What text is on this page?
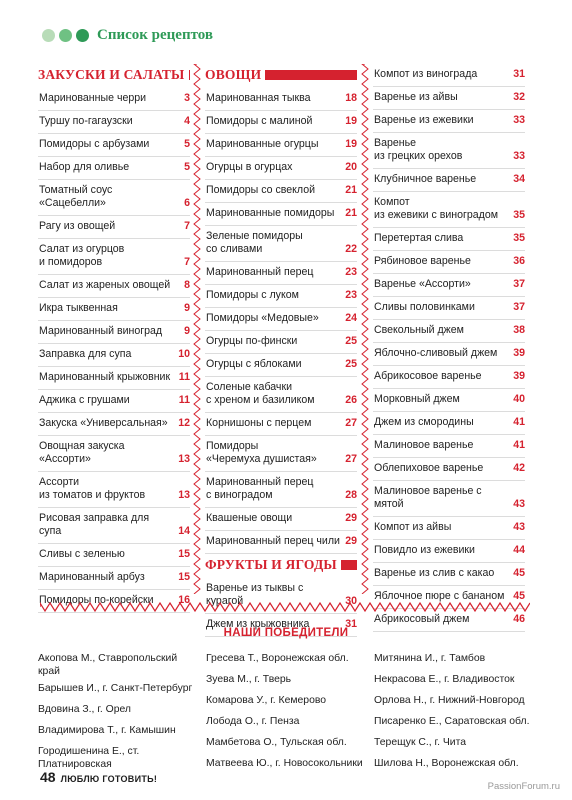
Список рецептов
ЗАКУСКИ И САЛАТЫ
Маринованные черри	3
Туршу по-гагаузски	4
Помидоры с арбузами	5
Набор для оливье	5
Томатный соус
«Сацебелли»	6
Рагу из овощей	7
Салат из огурцов
и помидоров	7
Салат из жареных овощей	8
Икра тыквенная	9
Маринованный виноград	9
Заправка для супа	10
Маринованный крыжовник 11
Аджика с грушами	11
Закуска «Универсальная» 12
Овощная закуска
«Ассорти»	13
Ассорти
из томатов и фруктов	13
Рисовая заправка для супа	14
Сливы с зеленью	15
Маринованный арбуз	15
Помидоры по-корейски	16
ОВОЩИ
Маринованная тыква	18
Помидоры с малиной	19
Маринованные огурцы	19
Огурцы в огурцах	20
Помидоры со свеклой	21
Маринованные помидоры	21
Зеленые помидоры
со сливами	22
Маринованный перец	23
Помидоры с луком	23
Помидоры «Медовые»	24
Огурцы по-фински	25
Огурцы с яблоками	25
Соленые кабачки
с хреном и базиликом	26
Корнишоны с перцем	27
Помидоры
«Черемуха душистая»	27
Маринованный перец
с виноградом	28
Квашеные овощи	29
Маринованный перец чили 29
ФРУКТЫ И ЯГОДЫ
Варенье из тыквы с курагой	30
Джем из крыжовника	31
Компот из винограда	31
Варенье из айвы	32
Варенье из ежевики	33
Варенье
из грецких орехов	33
Клубничное варенье	34
Компот
из ежевики с виноградом	35
Перетертая слива	35
Рябиновое варенье	36
Варенье «Ассорти»	37
Сливы половинками	37
Свекольный джем	38
Яблочно-сливовый джем	39
Абрикосовое варенье	39
Морковный джем	40
Джем из смородины	41
Малиновое варенье	41
Облепиховое варенье	42
Малиновое варенье с мятой	43
Компот из айвы	43
Повидло из ежевики	44
Варенье из слив с какао	45
Яблочное пюре с бананом 45
Абрикосовый джем	46
НАШИ ПОБЕДИТЕЛИ
Акопова М., Ставропольский край
Барышев И., г. Санкт-Петербург
Вдовина З., г. Орел
Владимирова Т., г. Камышин
Городишенина Е., ст. Платнировская
Гресева Т., Воронежская обл.
Зуева М., г. Тверь
Комарова У., г. Кемерово
Лобода О., г. Пенза
Мамбетова О., Тульская обл.
Матвеева Ю., г. Новосокольники
Митянина И., г. Тамбов
Некрасова Е., г. Владивосток
Орлова Н., г. Нижний-Новгород
Писаренко Е., Саратовская обл.
Терещук С., г. Чита
Шилова Н., Воронежская обл.
48 ЛЮБЛЮ ГОТОВИТЬ!
PassionForum.ru
